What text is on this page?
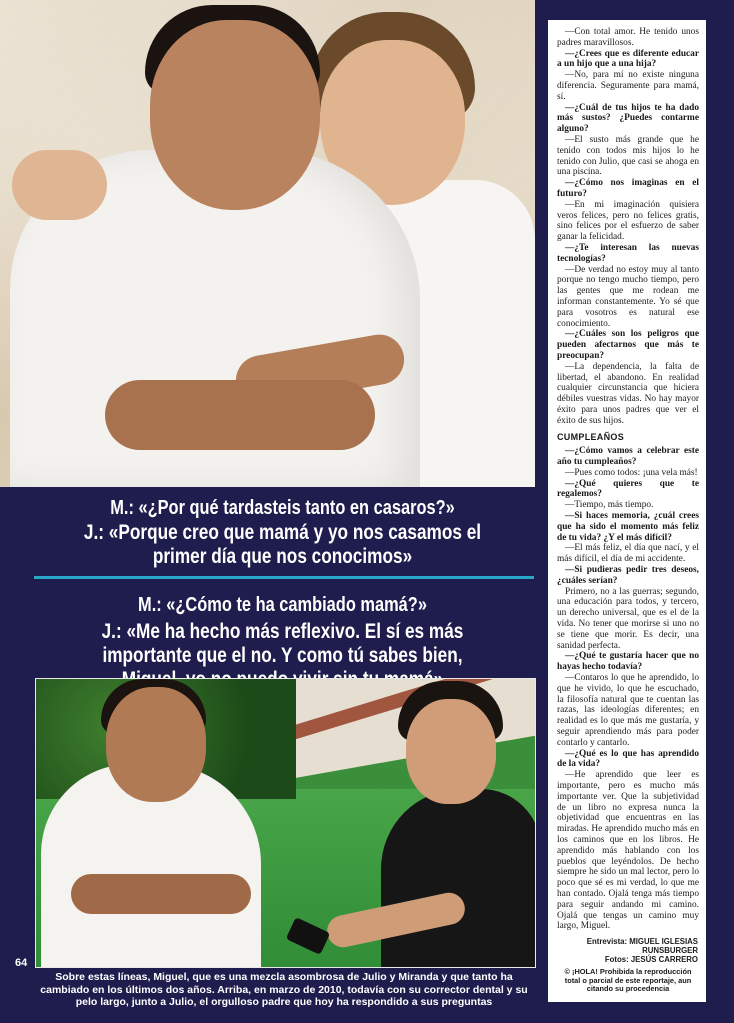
M.: «¿Por qué tardasteis tanto en casaros?»
J.: «Porque creo que mamá y yo nos casamos el primer día que nos conocimos»
M.: «¿Cómo te ha cambiado mamá?»
J.: «Me ha hecho más reflexivo. El sí es más importante que el no. Y como tú sabes bien,
64
Sobre estas líneas, Miguel, que es una mezcla asombrosa de Julio y Miranda y que tanto ha cambiado en los últimos dos años. Arriba, en marzo de 2010, todavía con su corrector dental y su pelo largo, junto a Julio, el orgulloso padre que hoy ha respondido a sus preguntas

—Con total amor. He tenido unos padres maravillosos.

—¿Crees que es diferente educar a un hijo que a una hija?

—No, para mí no existe ninguna diferencia. Seguramente para mamá, sí.

—¿Cuál de tus hijos te ha dado más sustos? ¿Puedes contarme alguno?

—El susto más grande que he tenido con todos mis hijos lo he tenido con Julio, que casi se ahoga en una piscina.

—¿Cómo nos imaginas en el futuro?

—En mi imaginación quisiera veros felices, pero no felices gratis, sino felices por el esfuerzo de saber ganar la felicidad.

—¿Te interesan las nuevas tecnologías?

—De verdad no estoy muy al tanto porque no tengo mucho tiempo, pero las gentes que me rodean me informan constantemente. Yo sé que para vosotros es natural ese conocimiento.

—¿Cuáles son los peligros que pueden afectarnos que más te preocupan?

—La dependencia, la falta de libertad, el abandono. En realidad cualquier circunstancia que hiciera débiles vuestras vidas. No hay mayor éxito para unos padres que ver el éxito de sus hijos.

CUMPLEAÑOS

—¿Cómo vamos a celebrar este año tu cumpleaños?

—Pues como todos: ¡una vela más!

—¿Qué quieres que te regalemos?

—Tiempo, más tiempo.

—Si haces memoria, ¿cuál crees que ha sido el momento más feliz de tu vida? ¿Y el más difícil?

—El más feliz, el día que nací, y el más difícil, el día de mi accidente.

—Si pudieras pedir tres deseos, ¿cuáles serían?

Primero, no a las guerras; segundo, una educación para todos, y tercero, un derecho universal, que es el de la vida. No tener que morirse si uno no se tiene que morir. Es decir, una sanidad perfecta.

—¿Qué te gustaría hacer que no hayas hecho todavía?

—Contaros lo que he aprendido, lo que he vivido, lo que he escuchado, la filosofía natural que te cuentan las razas, las ideologías diferentes; en realidad es lo que más me gustaría, y seguir aprendiendo más para poder contarlo y cantarlo.

—¿Qué es lo que has aprendido de la vida?

—He aprendido que leer es importante, pero es mucho más importante ver. Que la subjetividad de un libro no expresa nunca la objetividad que encuentras en las miradas. He aprendido mucho más en los caminos que en los libros. He aprendido más hablando con los pueblos que leyéndolos. De hecho siempre he sido un mal lector, pero lo poco que sé es mi verdad, lo que me han contado. Ojalá tenga más tiempo para seguir andando mi camino. Ojalá que tengas un camino muy largo, Miguel.

Entrevista: MIGUEL IGLESIAS RUNSBURGER
Fotos: JESÚS CARRERO
© ¡HOLA! Prohibida la reproducción total o parcial de este reportaje, aun citando su procedencia
